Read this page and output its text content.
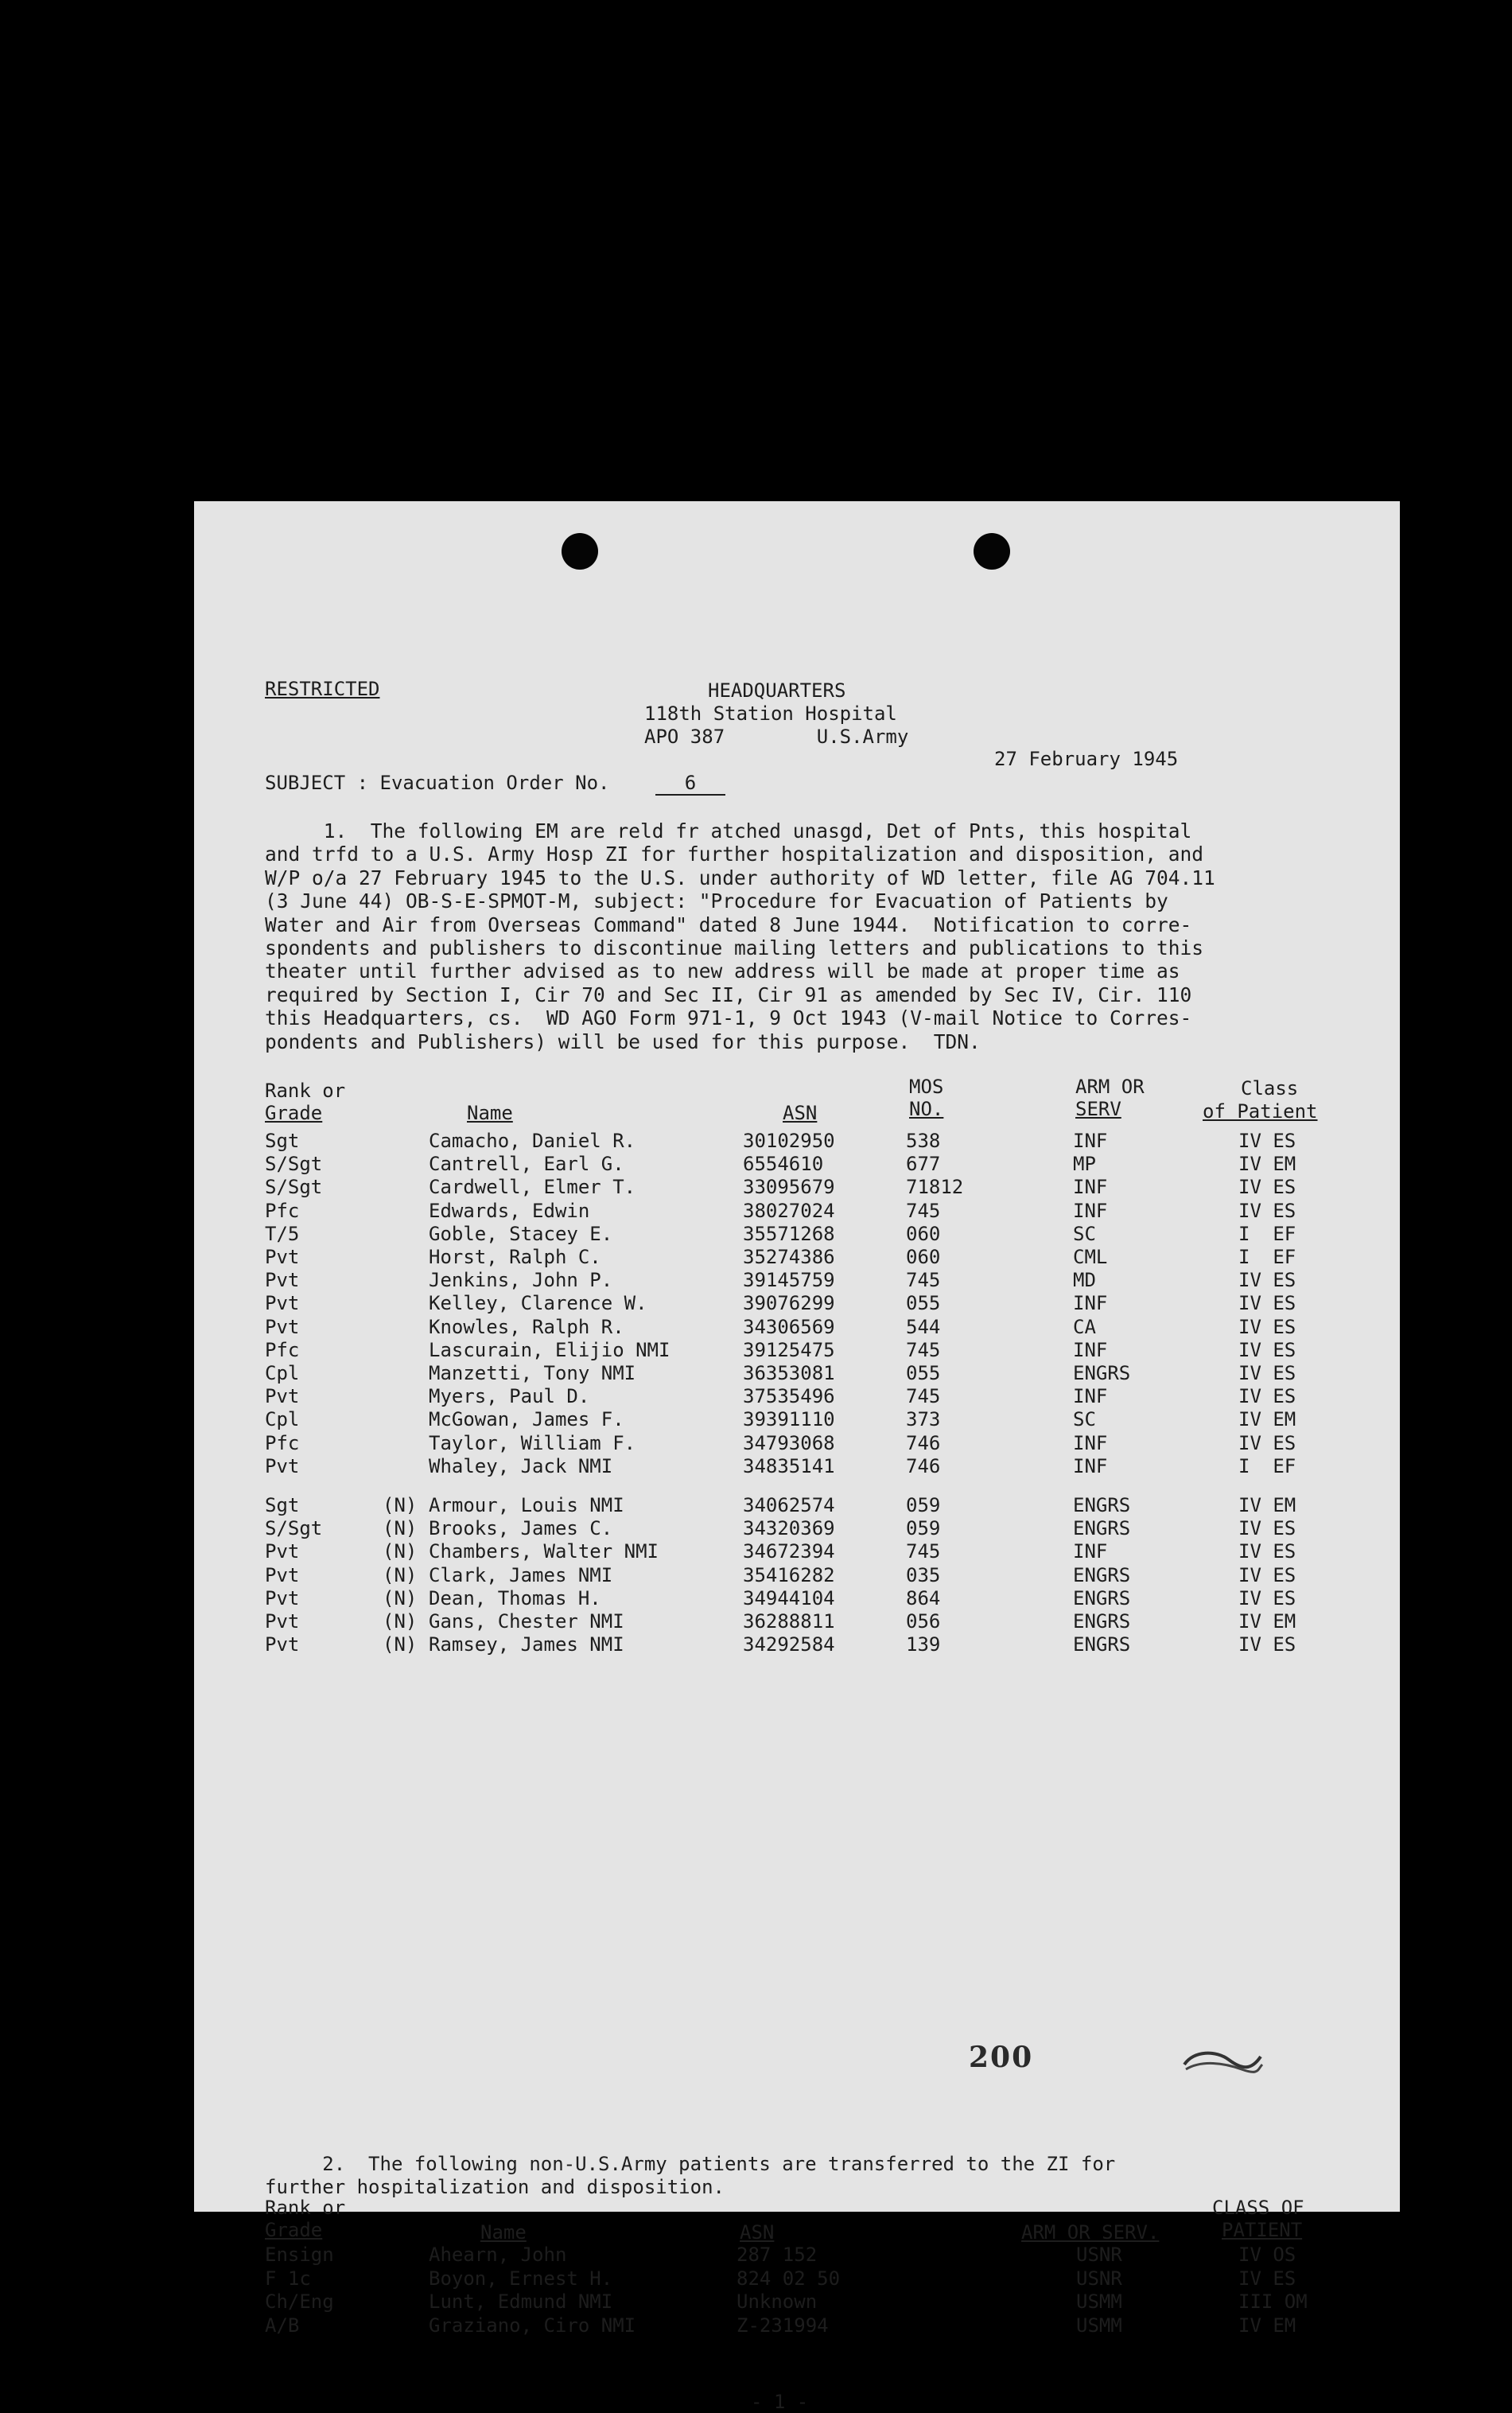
RESTRICTED	HEADQUARTERS
118th Station Hospital
APO 387        U.S.Army
27 February 1945
SUBJECT : Evacuation Order No.	6
1.  The following EM are reld fr atched unasgd, Det of Pnts, this hospital
and trfd to a U.S. Army Hosp ZI for further hospitalization and disposition, and
W/P o/a 27 February 1945 to the U.S. under authority of WD letter, file AG 704.11
(3 June 44) OB-S-E-SPMOT-M, subject: "Procedure for Evacuation of Patients by
Water and Air from Overseas Command" dated 8 June 1944.  Notification to corre-
spondents and publishers to discontinue mailing letters and publications to this
theater until further advised as to new address will be made at proper time as
required by Section I, Cir 70 and Sec II, Cir 91 as amended by Sec IV, Cir. 110
this Headquarters, cs.  WD AGO Form 971-1, 9 Oct 1943 (V-mail Notice to Corres-
pondents and Publishers) will be used for this purpose.  TDN.
Rank or
Grade	Name	ASN
MOS
NO.
ARM OR
SERV
Class
of Patient
Sgt	Camacho, Daniel R.	30102950	538	INF	IV ES
S/Sgt	Cantrell, Earl G.	6554610	677	MP	IV EM
S/Sgt	Cardwell, Elmer T.	33095679	71812	INF	IV ES
Pfc	Edwards, Edwin	38027024	745	INF	IV ES
T/5	Goble, Stacey E.	35571268	060	SC	I  EF
Pvt	Horst, Ralph C.	35274386	060	CML	I  EF
Pvt	Jenkins, John P.	39145759	745	MD	IV ES
Pvt	Kelley, Clarence W.	39076299	055	INF	IV ES
Pvt	Knowles, Ralph R.	34306569	544	CA	IV ES
Pfc	Lascurain, Elijio NMI	39125475	745	INF	IV ES
Cpl	Manzetti, Tony NMI	36353081	055	ENGRS	IV ES
Pvt	Myers, Paul D.	37535496	745	INF	IV ES
Cpl	McGowan, James F.	39391110	373	SC	IV EM
Pfc	Taylor, William F.	34793068	746	INF	IV ES
Pvt	Whaley, Jack NMI	34835141	746	INF	I  EF
Sgt	(N) Armour, Louis NMI	34062574	059	ENGRS	IV EM
S/Sgt	(N) Brooks, James C.	34320369	059	ENGRS	IV ES
Pvt	(N) Chambers, Walter NMI	34672394	745	INF	IV ES
Pvt	(N) Clark, James NMI	35416282	035	ENGRS	IV ES
Pvt	(N) Dean, Thomas H.	34944104	864	ENGRS	IV ES
Pvt	(N) Gans, Chester NMI	36288811	056	ENGRS	IV EM
Pvt	(N) Ramsey, James NMI	34292584	139	ENGRS	IV ES
2.  The following non-U.S.Army patients are transferred to the ZI for
further hospitalization and disposition.
Rank or
Grade	Name	ASN	ARM OR SERV.
CLASS OF
PATIENT
Ensign	Ahearn, John	287 152	USNR	IV OS
F 1c	Boyon, Ernest H.	824 02 50	USNR	IV ES
Ch/Eng	Lunt, Edmund NMI	Unknown	USMM	III OM
A/B	Graziano, Ciro NMI	Z-231994	USMM	IV EM
- 1 -
200
